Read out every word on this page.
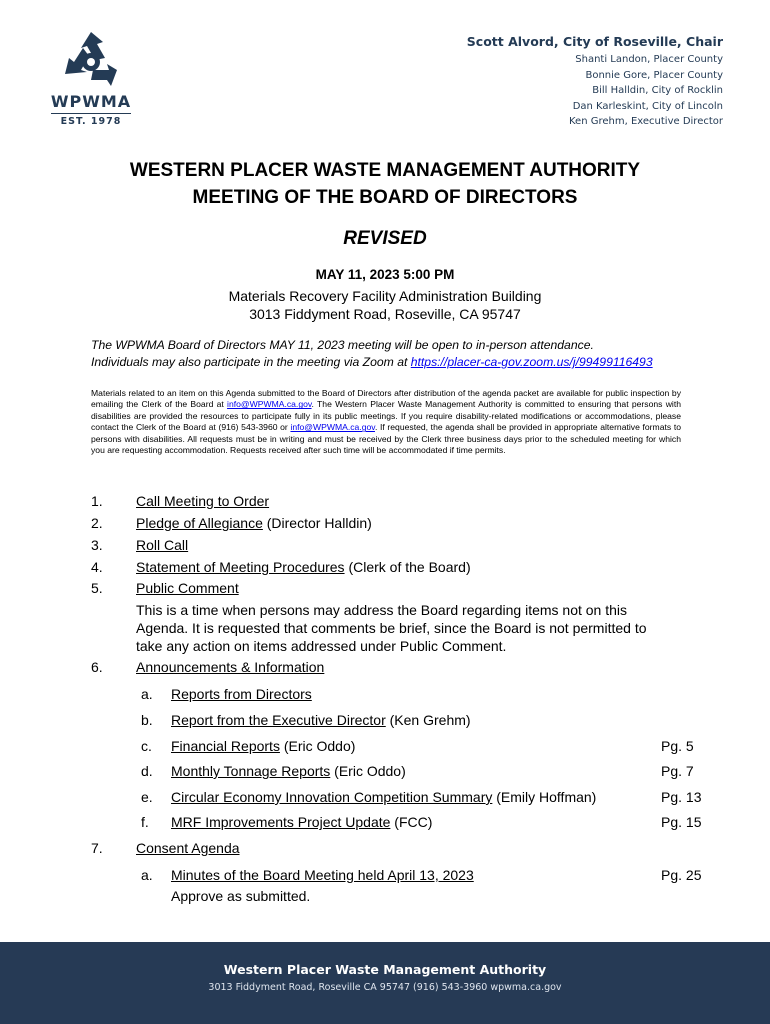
WPWMA
EST. 1978
Scott Alvord, City of Roseville, Chair
Shanti Landon, Placer County
Bonnie Gore, Placer County
Bill Halldin, City of Rocklin
Dan Karleskint, City of Lincoln
Ken Grehm, Executive Director
WESTERN PLACER WASTE MANAGEMENT AUTHORITY
MEETING OF THE BOARD OF DIRECTORS
REVISED
MAY 11, 2023 5:00 PM
Materials Recovery Facility Administration Building
3013 Fiddyment Road, Roseville, CA 95747
The WPWMA Board of Directors MAY 11, 2023 meeting will be open to in-person attendance.
Individuals may also participate in the meeting via Zoom at https://placer-ca-gov.zoom.us/j/99499116493
Materials related to an item on this Agenda submitted to the Board of Directors after distribution of the agenda packet are available for public inspection by emailing the Clerk of the Board at info@WPWMA.ca.gov. The Western Placer Waste Management Authority is committed to ensuring that persons with disabilities are provided the resources to participate fully in its public meetings. If you require disability-related modifications or accommodations, please contact the Clerk of the Board at (916) 543-3960 or info@WPWMA.ca.gov. If requested, the agenda shall be provided in appropriate alternative formats to persons with disabilities. All requests must be in writing and must be received by the Clerk three business days prior to the scheduled meeting for which you are requesting accommodation. Requests received after such time will be accommodated if time permits.
1. Call Meeting to Order
2. Pledge of Allegiance (Director Halldin)
3. Roll Call
4. Statement of Meeting Procedures (Clerk of the Board)
5. Public Comment
This is a time when persons may address the Board regarding items not on this Agenda. It is requested that comments be brief, since the Board is not permitted to take any action on items addressed under Public Comment.
6. Announcements & Information
a. Reports from Directors
b. Report from the Executive Director (Ken Grehm)
c. Financial Reports (Eric Oddo)	Pg. 5
d. Monthly Tonnage Reports (Eric Oddo)	Pg. 7
e. Circular Economy Innovation Competition Summary (Emily Hoffman)	Pg. 13
f. MRF Improvements Project Update (FCC)	Pg. 15
7. Consent Agenda
a. Minutes of the Board Meeting held April 13, 2023	Pg. 25
Approve as submitted.
Western Placer Waste Management Authority
3013 Fiddyment Road, Roseville CA 95747 (916) 543-3960 wpwma.ca.gov
